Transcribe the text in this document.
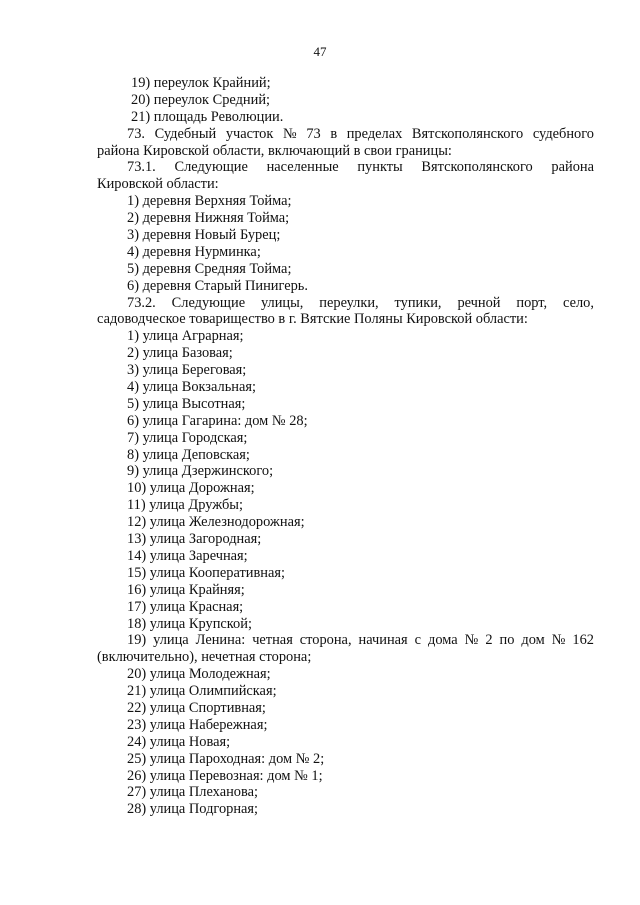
47
19) переулок Крайний;
20) переулок Средний;
21) площадь Революции.
73. Судебный участок № 73 в пределах Вятскополянского судебного
района Кировской области, включающий в свои границы:
73.1. Следующие населенные пункты Вятскополянского района
Кировской области:
1) деревня Верхняя Тойма;
2) деревня Нижняя Тойма;
3) деревня Новый Бурец;
4) деревня Нурминка;
5) деревня Средняя Тойма;
6) деревня Старый Пинигерь.
73.2. Следующие улицы, переулки, тупики, речной порт, село,
садоводческое товарищество в г. Вятские Поляны Кировской области:
1) улица Аграрная;
2) улица Базовая;
3) улица Береговая;
4) улица Вокзальная;
5) улица Высотная;
6) улица Гагарина: дом № 28;
7) улица Городская;
8) улица Деповская;
9) улица Дзержинского;
10) улица Дорожная;
11) улица Дружбы;
12) улица Железнодорожная;
13) улица Загородная;
14) улица Заречная;
15) улица Кооперативная;
16) улица Крайняя;
17) улица Красная;
18) улица Крупской;
19) улица Ленина: четная сторона, начиная с дома № 2 по дом № 162
(включительно), нечетная сторона;
20) улица Молодежная;
21) улица Олимпийская;
22) улица Спортивная;
23) улица Набережная;
24) улица Новая;
25) улица Пароходная: дом № 2;
26) улица Перевозная: дом № 1;
27) улица Плеханова;
28) улица Подгорная;
